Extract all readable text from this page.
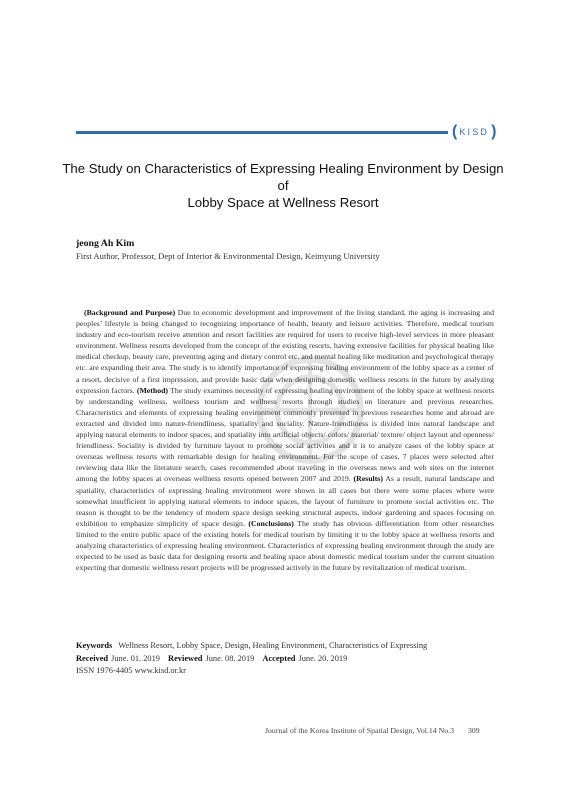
( KISD )
The Study on Characteristics of Expressing Healing Environment by Design of
Lobby Space at Wellness Resort
jeong Ah Kim
First Author, Professor, Dept of Interior & Environmental Design, Keimyung University
(Background and Purpose) Due to economic development and improvement of the living standard, the aging is increasing and peoples’ lifestyle is being changed to recognizing importance of health, beauty and leisure activities. Therefore, medical tourism industry and eco-tourism receive attention and resort facilities are required for users to receive high-level services in more pleasant environment. Wellness resorts developed from the concept of the existing resorts, having extensive facilities for physical healing like medical checkup, beauty care, preventing aging and dietary control etc. and mental healing like meditation and psychological therapy etc. are expanding their area. The study is to identify importance of expressing healing environment of the lobby space as a center of a resort, decisive of a first impression, and provide basic data when designing domestic wellness resorts in the future by analyzing expression factors. (Method) The study examines necessity of expressing healing environment of the lobby space at wellness resorts by understanding wellness, wellness tourism and wellness resorts through studies on literature and previous researches. Characteristics and elements of expressing healing environment commonly presented in previous researches home and abroad are extracted and divided into nature-friendliness, spatiality and sociality. Nature-friendliness is divided into natural landscape and applying natural elements to indoor spaces, and spatiality into artificial objects/ colors/ material/ texture/ object layout and openness/ friendliness. Sociality is divided by furniture layout to promote social activities and it is to analyze cases of the lobby space at overseas wellness resorts with remarkable design for healing environment. For the scope of cases, 7 places were selected after reviewing data like the literature search, cases recommended about traveling in the overseas news and web sites on the internet among the lobby spaces at overseas wellness resorts opened between 2007 and 2019. (Results) As a result, natural landscape and spatiality, characteristics of expressing healing environment were shown in all cases but there were some places where were somewhat insufficient in applying natural elements to indoor spaces, the layout of furniture to promote social activities etc. The reason is thought to be the tendency of modern space design seeking structural aspects, indoor gardening and spaces focusing on exhibition to emphasize simplicity of space design. (Conclusions) The study has obvious differentiation from other researches limited to the entire public space of the existing hotels for medical tourism by limiting it to the lobby space at wellness resorts and analyzing characteristics of expressing healing environment. Characteristics of expressing healing environment through the study are expected to be used as basic data for designing resorts and healing space about domestic medical tourism under the current situation expecting that domestic wellness resort projects will be progressed actively in the future by revitalization of medical tourism.
Keywords Wellness Resort, Lobby Space, Design, Healing Environment, Characteristics of Expressing
Received June. 01. 2019 Reviewed June. 08. 2019 Accepted June. 20. 2019
ISSN 1976-4405 www.kisd.or.kr
Journal of the Korea Institute of Spatial Design, Vol.14 No.3 309
